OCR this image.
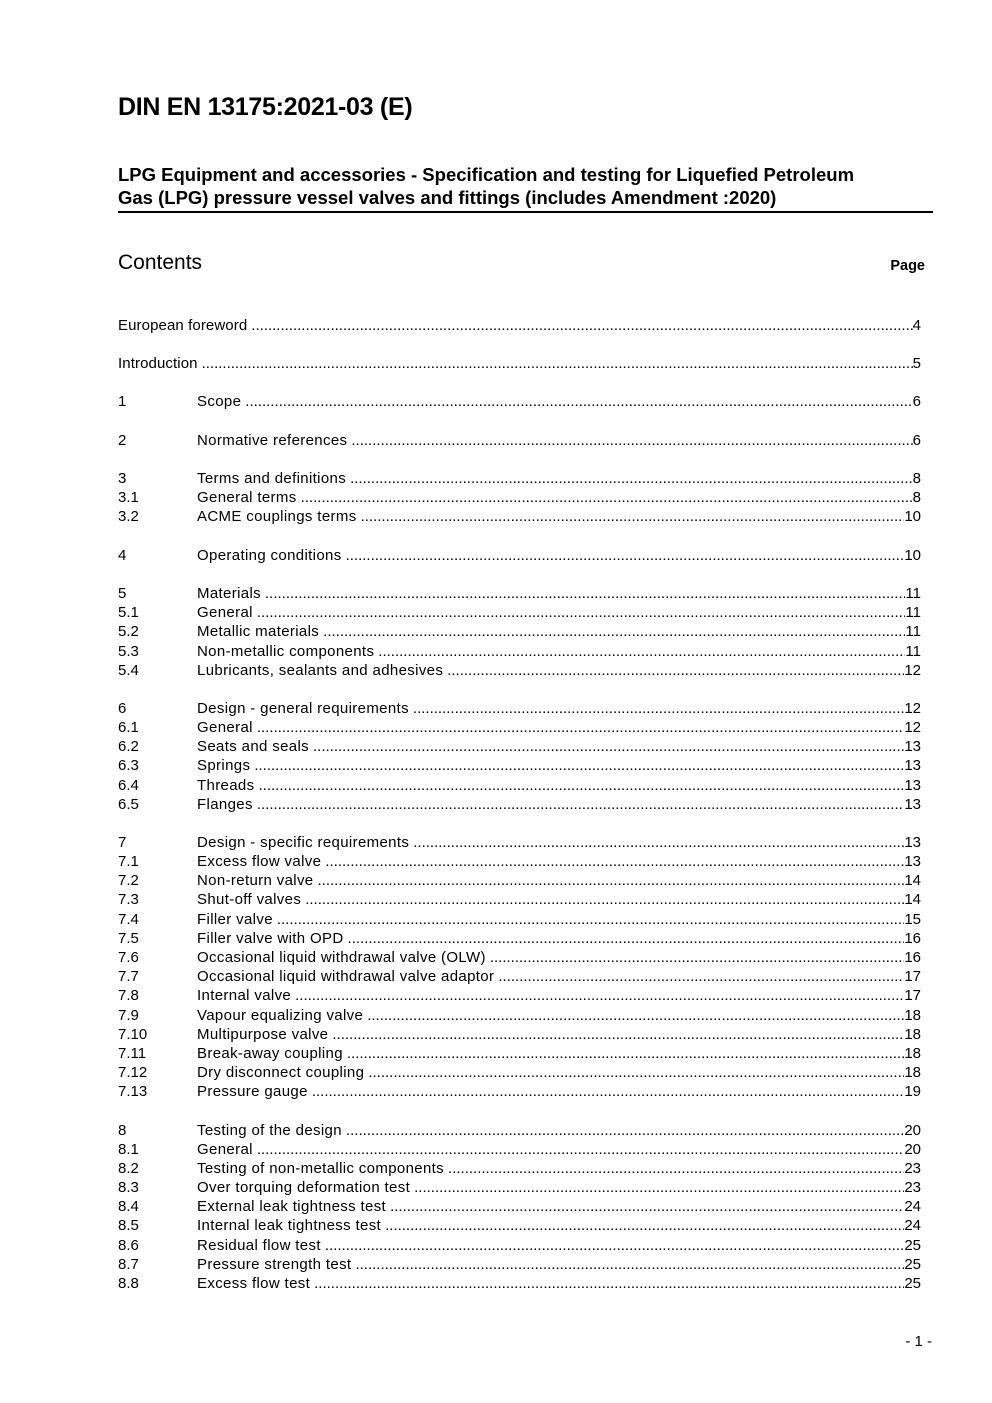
DIN EN 13175:2021-03 (E)
LPG Equipment and accessories - Specification and testing for Liquefied Petroleum
Gas (LPG) pressure vessel valves and fittings (includes Amendment :2020)
Contents	Page
European foreword .....	4
Introduction .....	5
1	Scope .....	6
2	Normative references .....	6
3	Terms and definitions .....	8
3.1	General terms .....	8
3.2	ACME couplings terms .....	10
4	Operating conditions .....	10
5	Materials .....	11
5.1	General .....	11
5.2	Metallic materials .....	11
5.3	Non-metallic components .....	11
5.4	Lubricants, sealants and adhesives .....	12
6	Design - general requirements .....	12
6.1	General .....	12
6.2	Seats and seals .....	13
6.3	Springs .....	13
6.4	Threads .....	13
6.5	Flanges .....	13
7	Design - specific requirements .....	13
7.1	Excess flow valve .....	13
7.2	Non-return valve .....	14
7.3	Shut-off valves .....	14
7.4	Filler valve .....	15
7.5	Filler valve with OPD .....	16
7.6	Occasional liquid withdrawal valve (OLW) .....	16
7.7	Occasional liquid withdrawal valve adaptor .....	17
7.8	Internal valve .....	17
7.9	Vapour equalizing valve .....	18
7.10	Multipurpose valve .....	18
7.11	Break-away coupling .....	18
7.12	Dry disconnect coupling .....	18
7.13	Pressure gauge .....	19
8	Testing of the design .....	20
8.1	General .....	20
8.2	Testing of non-metallic components .....	23
8.3	Over torquing deformation test .....	23
8.4	External leak tightness test .....	24
8.5	Internal leak tightness test .....	24
8.6	Residual flow test .....	25
8.7	Pressure strength test .....	25
8.8	Excess flow test .....	25
- 1 -
